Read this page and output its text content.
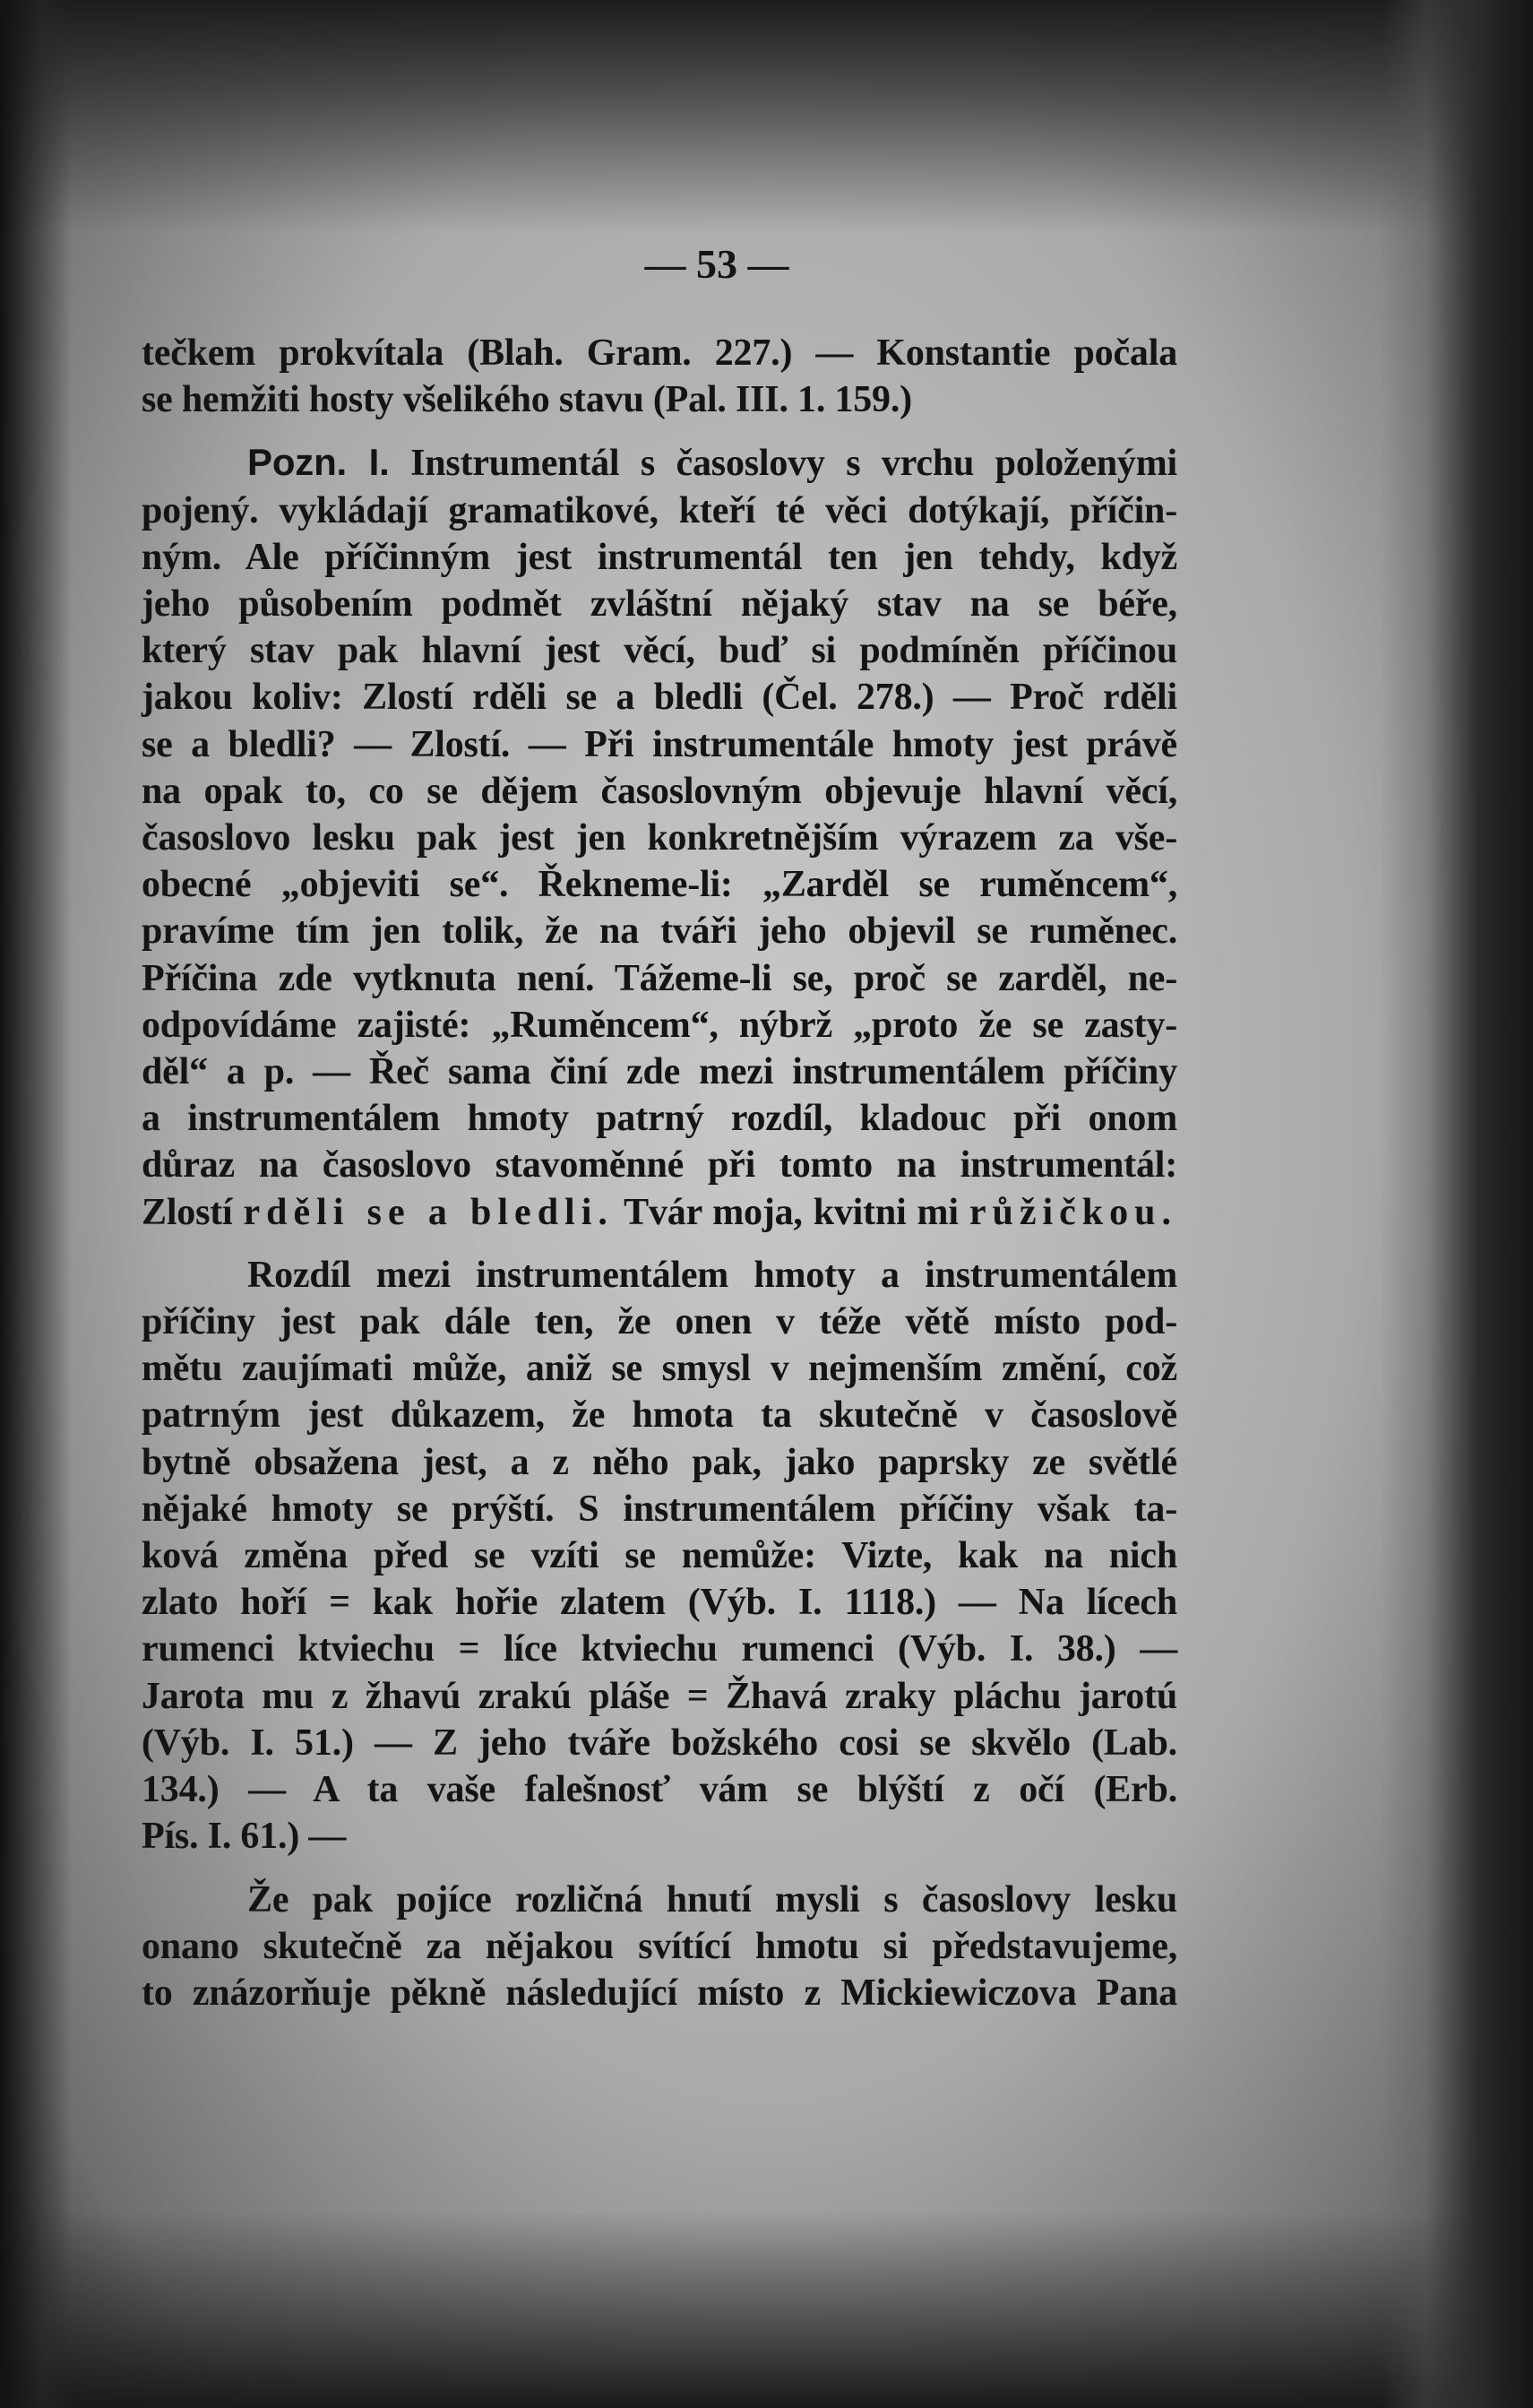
— 53 —
tečkem prokvítala (Blah. Gram. 227.) — Konstantie počala
se hemžiti hosty všelikého stavu (Pal. III. 1. 159.)
Pozn. I. Instrumentál s časoslovy s vrchu položenými
pojený. vykládají gramatikové, kteří té věci dotýkají, příčin-
ným. Ale příčinným jest instrumentál ten jen tehdy, když
jeho působením podmět zvláštní nějaký stav na se béře,
který stav pak hlavní jest věcí, buď si podmíněn příčinou
jakou koliv: Zlostí rděli se a bledli (Čel. 278.) — Proč rděli
se a bledli? — Zlostí. — Při instrumentále hmoty jest právě
na opak to, co se dějem časoslovným objevuje hlavní věcí,
časoslovo lesku pak jest jen konkretnějším výrazem za vše-
obecné „objeviti se“. Řekneme-li: „Zarděl se ruměncem“,
pravíme tím jen tolik, že na tváři jeho objevil se ruměnec.
Příčina zde vytknuta není. Tážeme-li se, proč se zarděl, ne-
odpovídáme zajisté: „Ruměncem“, nýbrž „proto že se zasty-
děl“ a p. — Řeč sama činí zde mezi instrumentálem příčiny
a instrumentálem hmoty patrný rozdíl, kladouc při onom
důraz na časoslovo stavoměnné při tomto na instrumentál:
Zlostí rděli se a bledli. Tvár moja, kvitni mi růžičkou.
Rozdíl mezi instrumentálem hmoty a instrumentálem
příčiny jest pak dále ten, že onen v téže větě místo pod-
mětu zaujímati může, aniž se smysl v nejmenším změní, což
patrným jest důkazem, že hmota ta skutečně v časoslově
bytně obsažena jest, a z něho pak, jako paprsky ze světlé
nějaké hmoty se prýští. S instrumentálem příčiny však ta-
ková změna před se vzíti se nemůže: Vizte, kak na nich
zlato hoří = kak hořie zlatem (Výb. I. 1118.) — Na lícech
rumenci ktviechu = líce ktviechu rumenci (Výb. I. 38.) —
Jarota mu z žhavú zrakú pláše = Žhavá zraky pláchu jarotú
(Výb. I. 51.) — Z jeho tváře božského cosi se skvělo (Lab.
134.) — A ta vaše falešnosť vám se blýští z očí (Erb.
Pís. I. 61.) —
Že pak pojíce rozličná hnutí mysli s časoslovy lesku
onano skutečně za nějakou svítící hmotu si představujeme,
to znázorňuje pěkně následující místo z Mickiewiczova Pana
